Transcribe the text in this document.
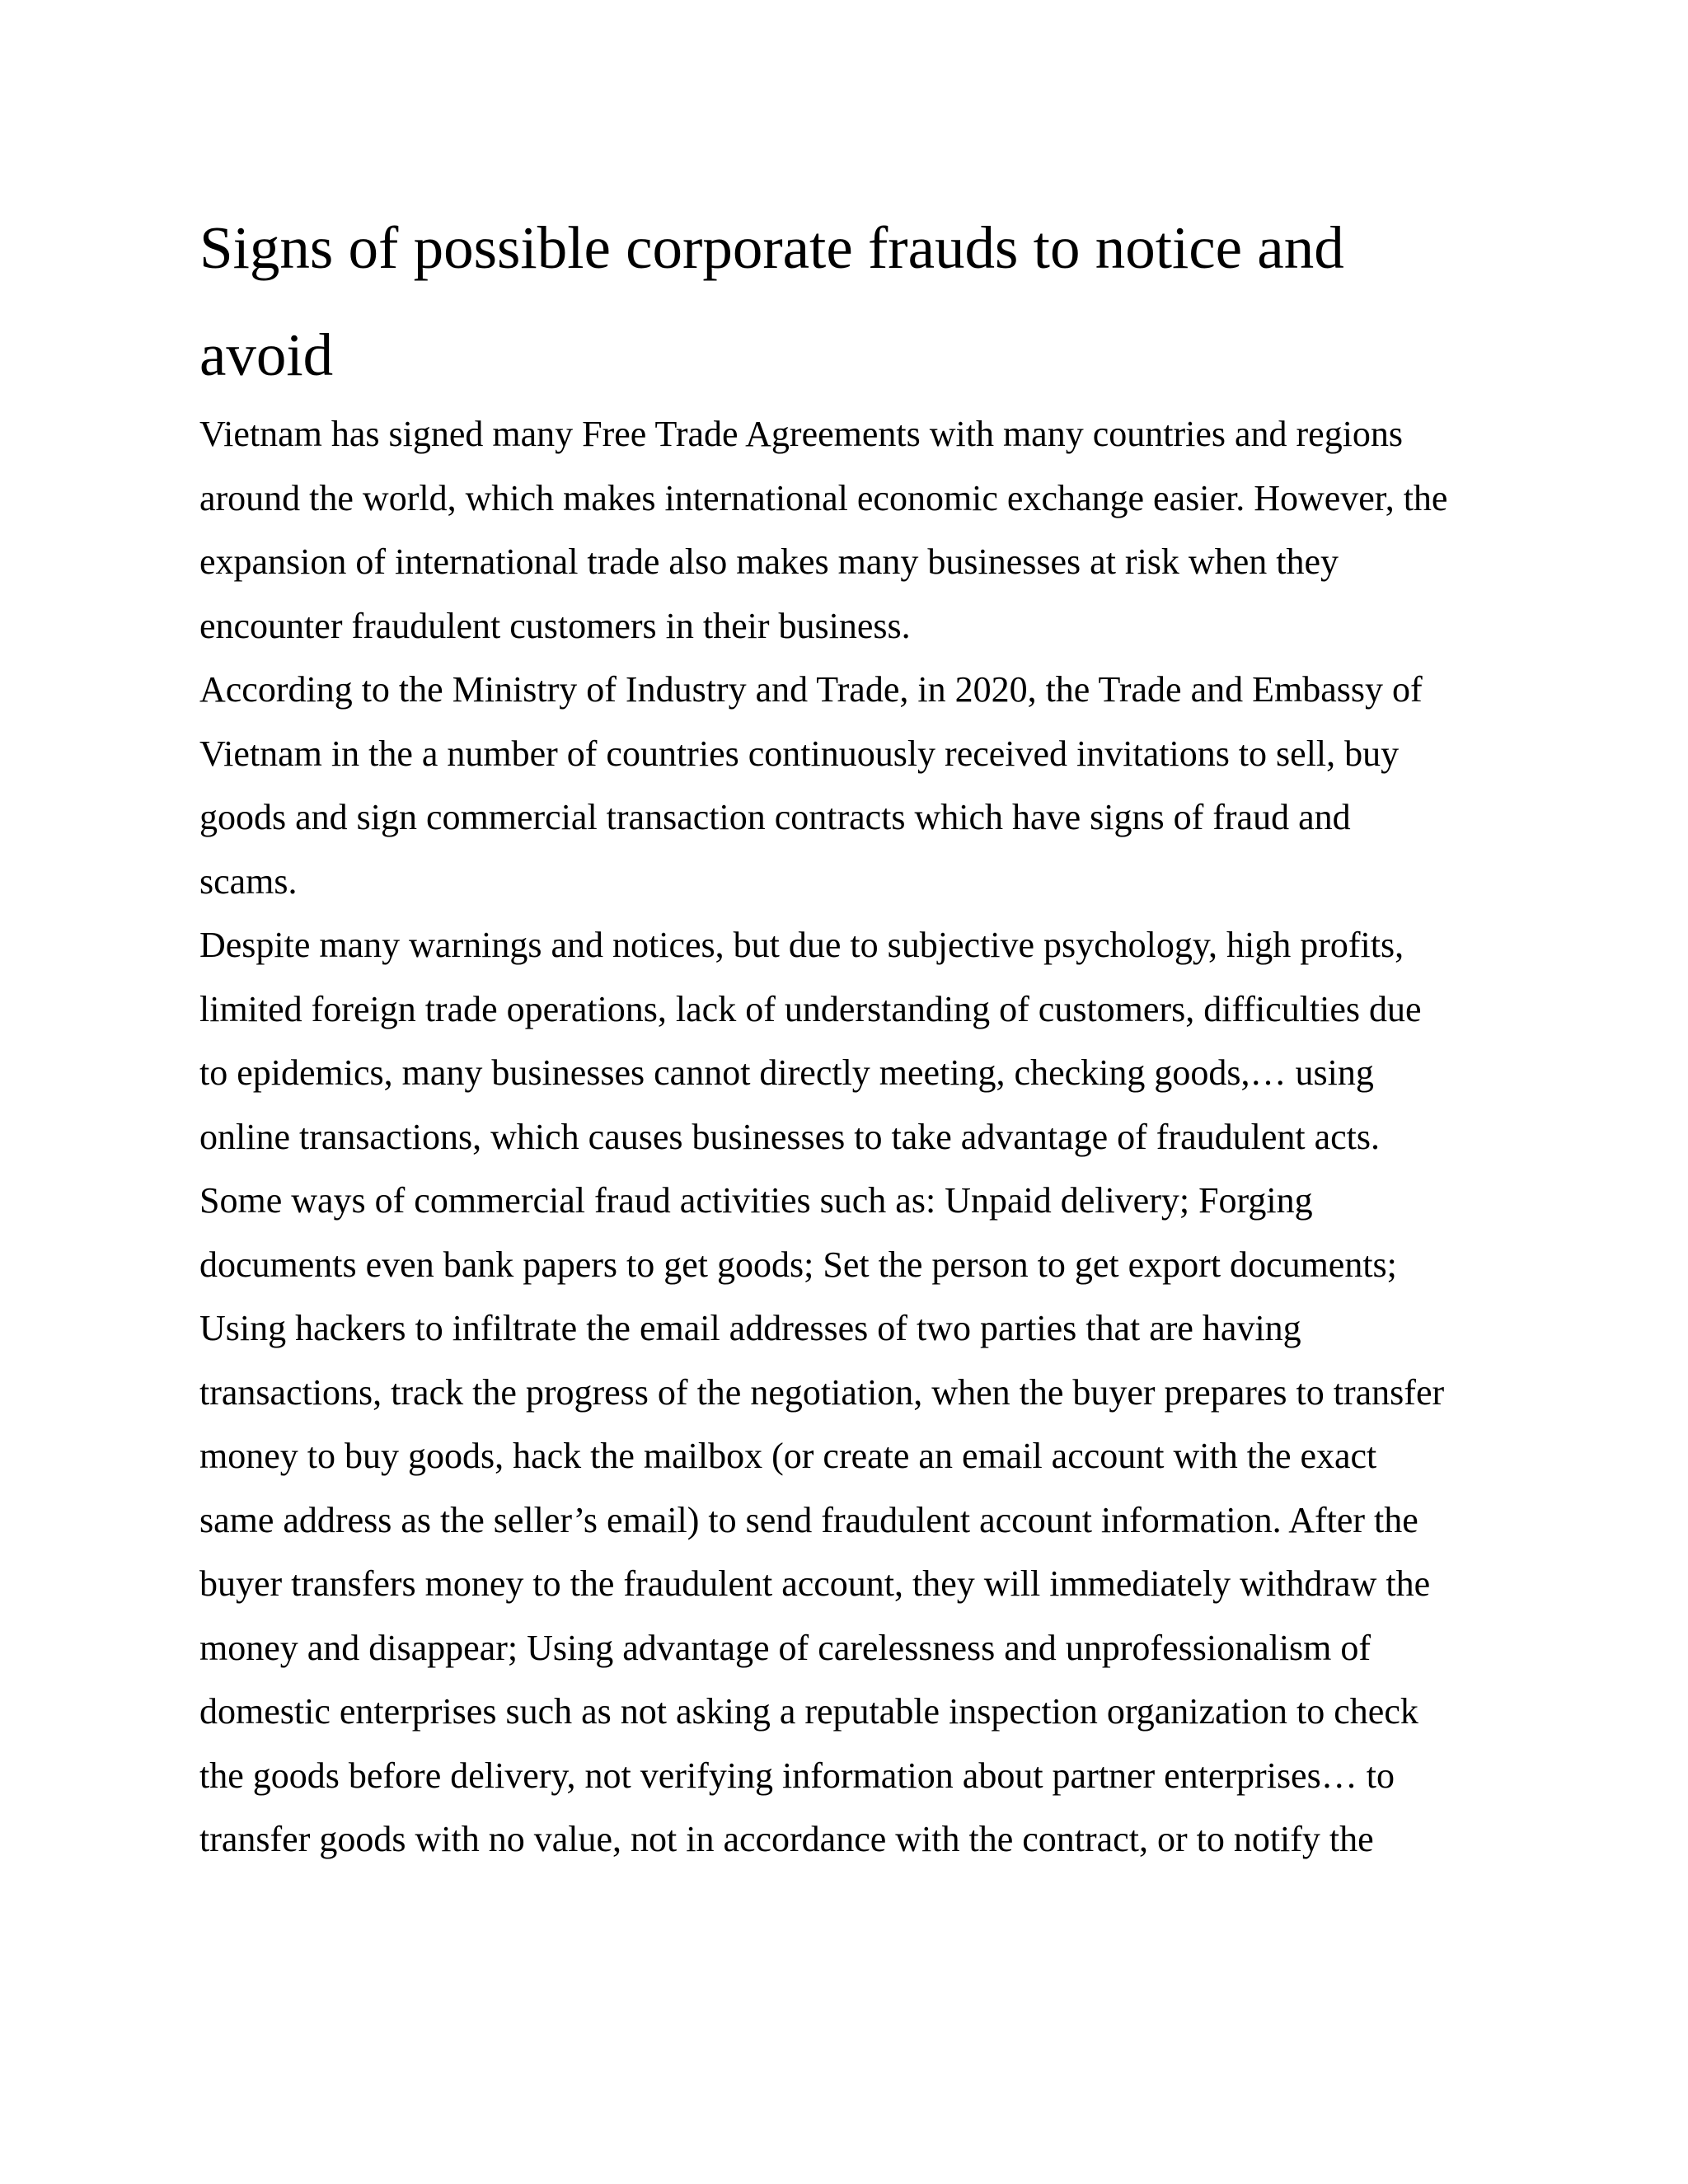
Signs of possible corporate frauds to notice and
avoid
Vietnam has signed many Free Trade Agreements with many countries and regions
around the world, which makes international economic exchange easier. However, the
expansion of international trade also makes many businesses at risk when they
encounter fraudulent customers in their business.
According to the Ministry of Industry and Trade, in 2020, the Trade and Embassy of
Vietnam in the a number of countries continuously received invitations to sell, buy
goods and sign commercial transaction contracts which have signs of fraud and
scams.
Despite many warnings and notices, but due to subjective psychology, high profits,
limited foreign trade operations, lack of understanding of customers, difficulties due
to epidemics, many businesses cannot directly meeting, checking goods,… using
online transactions, which causes businesses to take advantage of fraudulent acts.
Some ways of commercial fraud activities such as: Unpaid delivery; Forging
documents even bank papers to get goods; Set the person to get export documents;
Using hackers to infiltrate the email addresses of two parties that are having
transactions, track the progress of the negotiation, when the buyer prepares to transfer
money to buy goods, hack the mailbox (or create an email account with the exact
same address as the seller’s email) to send fraudulent account information. After the
buyer transfers money to the fraudulent account, they will immediately withdraw the
money and disappear; Using advantage of carelessness and unprofessionalism of
domestic enterprises such as not asking a reputable inspection organization to check
the goods before delivery, not verifying information about partner enterprises… to
transfer goods with no value, not in accordance with the contract, or to notify the
